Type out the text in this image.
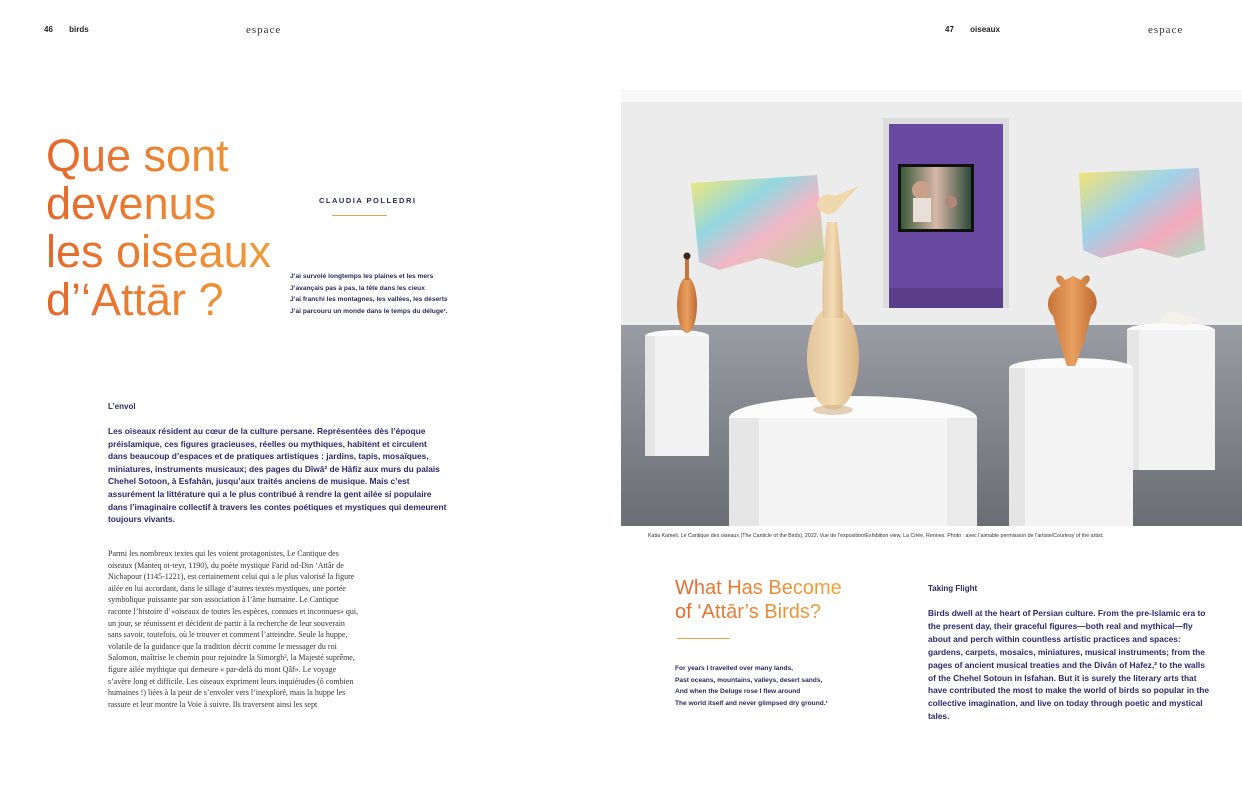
46 birds	espace
Que sont
devenus
les oiseaux
d’‘Attār ?
CLAUDIA POLLEDRI
J’ai survolé longtemps les plaines et les mers
J’avançais pas à pas, la tête dans les cieux
J’ai franchi les montagnes, les vallées, les déserts
J’ai parcouru un monde dans le temps du déluge¹.
L’envol
Les oiseaux résident au cœur de la culture persane. Représentées dès l’époque préislamique, ces figures gracieuses, réelles ou mythiques, habitent et circulent dans beaucoup d’espaces et de pratiques artistiques : jardins, tapis, mosaïques, miniatures, instruments musicaux; des pages du Dîwâ² de Hâfiz aux murs du palais Chehel Sotoon, à Esfahân, jusqu’aux traités anciens de musique. Mais c’est assurément la littérature qui a le plus contribué à rendre la gent ailée si populaire dans l’imaginaire collectif à travers les contes poétiques et mystiques qui demeurent toujours vivants.
Parmi les nombreux textes qui les voient protagonistes, Le Cantique des oiseaux (Manteq ot-teyr, 1190), du poète mystique Farid od-Din ‘Attâr de Nichapour (1145-1221), est certainement celui qui a le plus valorisé la figure ailée en lui accordant, dans le sillage d’autres textes mystiques, une portée symbolique puissante par son association à l’âme humaine. Le Cantique raconte l’histoire d’«oiseaux de toutes les espèces, connues et inconnues» qui, un jour, se réunissent et décident de partir à la recherche de leur souverain sans savoir, toutefois, où le trouver et comment l’atteindre. Seule la huppe, volatile de la guidance que la tradition décrit comme le messager du roi Salomon, maîtrise le chemin pour rejoindre la Simorgh³, la Majesté suprême, figure ailée mythique qui demeure « par-delà du mont Qâf». Le voyage s’avère long et difficile. Les oiseaux expriment leurs inquiétudes (ô combien humaines !) liées à la peur de s’envoler vers l’inexploré, mais la huppe les rassure et leur montre la Voie à suivre. Ils traversent ainsi les sept
47 oiseaux	espace
Katia Kameli, Le Cantique des oiseaux (The Canticle of the Birds), 2022. Vue de l’exposition/Exhibition view, La Criée, Rennes. Photo : avec l’aimable permission de l’artiste/Courtesy of the artist.
What Has Become
of ‘Attār’s Birds?
For years I travelled over many lands,
Past oceans, mountains, valleys, desert sands,
And when the Deluge rose I flew around
The world itself and never glimpsed dry ground.¹
Taking Flight
Birds dwell at the heart of Persian culture. From the pre-Islamic era to the present day, their graceful figures—both real and mythical—fly about and perch within countless artistic practices and spaces: gardens, carpets, mosaics, miniatures, musical instruments; from the pages of ancient musical treaties and the Divān of Hafez,² to the walls of the Chehel Sotoun in Isfahan. But it is surely the literary arts that have contributed the most to make the world of birds so popular in the collective imagination, and live on today through poetic and mystical tales.
